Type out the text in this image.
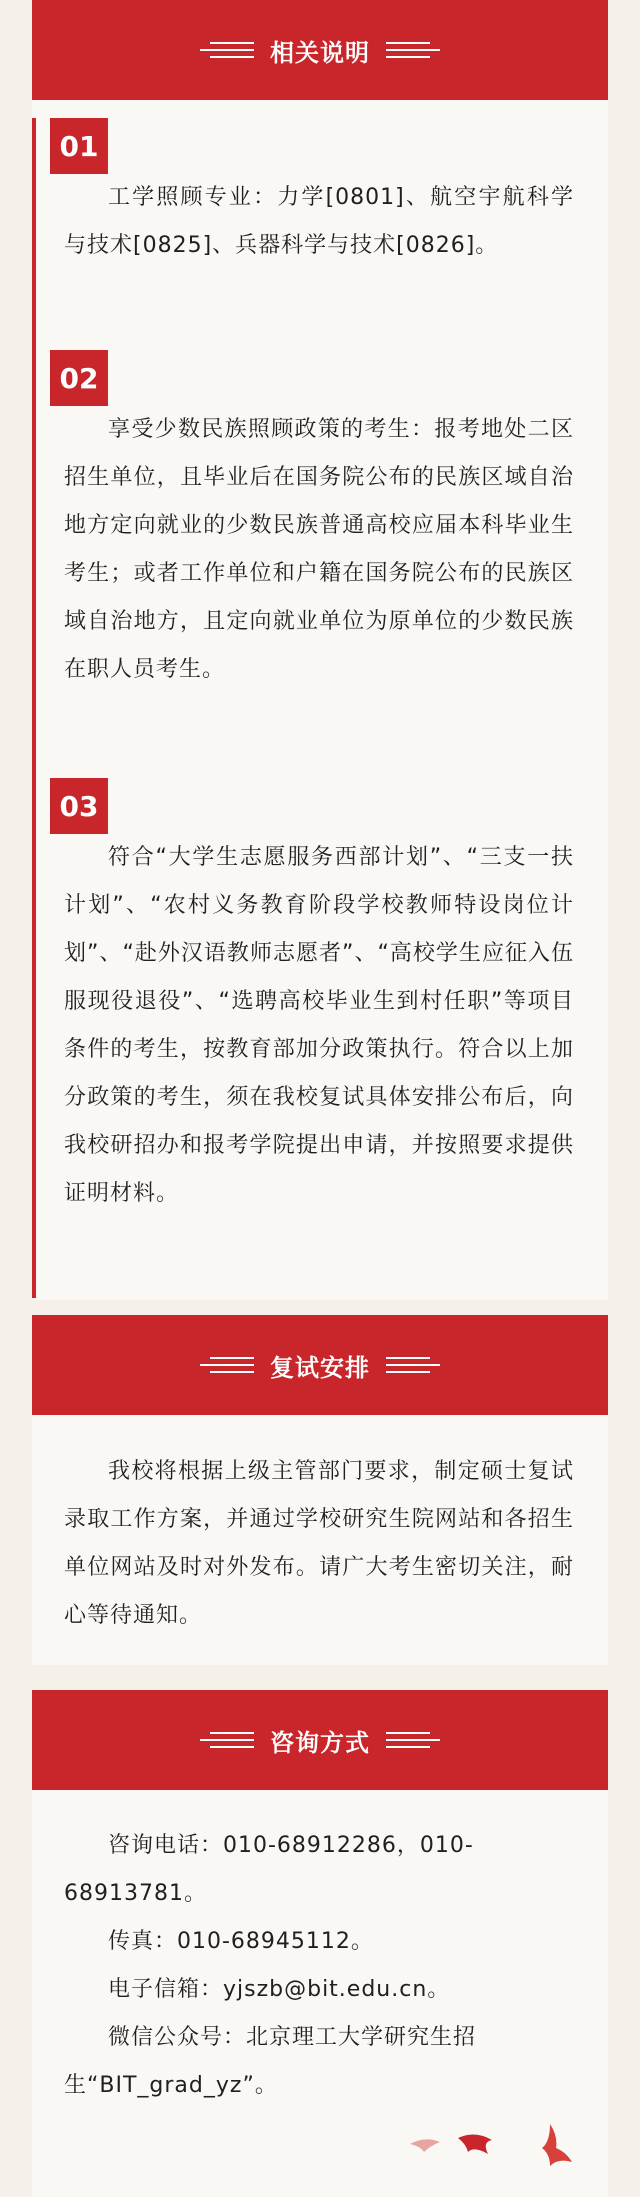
相关说明
01

工学照顾专业：力学[0801]、航空宇航科学与技术[0825]、兵器科学与技术[0826]。

02

享受少数民族照顾政策的考生：报考地处二区招生单位，且毕业后在国务院公布的民族区域自治地方定向就业的少数民族普通高校应届本科毕业生考生；或者工作单位和户籍在国务院公布的民族区域自治地方，且定向就业单位为原单位的少数民族在职人员考生。

03

符合“大学生志愿服务西部计划”、“三支一扶计划”、“农村义务教育阶段学校教师特设岗位计划”、“赴外汉语教师志愿者”、“高校学生应征入伍服现役退役”、“选聘高校毕业生到村任职”等项目条件的考生，按教育部加分政策执行。符合以上加分政策的考生，须在我校复试具体安排公布后，向我校研招办和报考学院提出申请，并按照要求提供证明材料。

复试安排

我校将根据上级主管部门要求，制定硕士复试录取工作方案，并通过学校研究生院网站和各招生单位网站及时对外发布。请广大考生密切关注，耐心等待通知。

咨询方式

咨询电话：010-68912286，010-68913781。

传真：010-68945112。

电子信箱：yjszb@bit.edu.cn。

微信公众号：北京理工大学研究生招生“BIT_grad_yz”。
